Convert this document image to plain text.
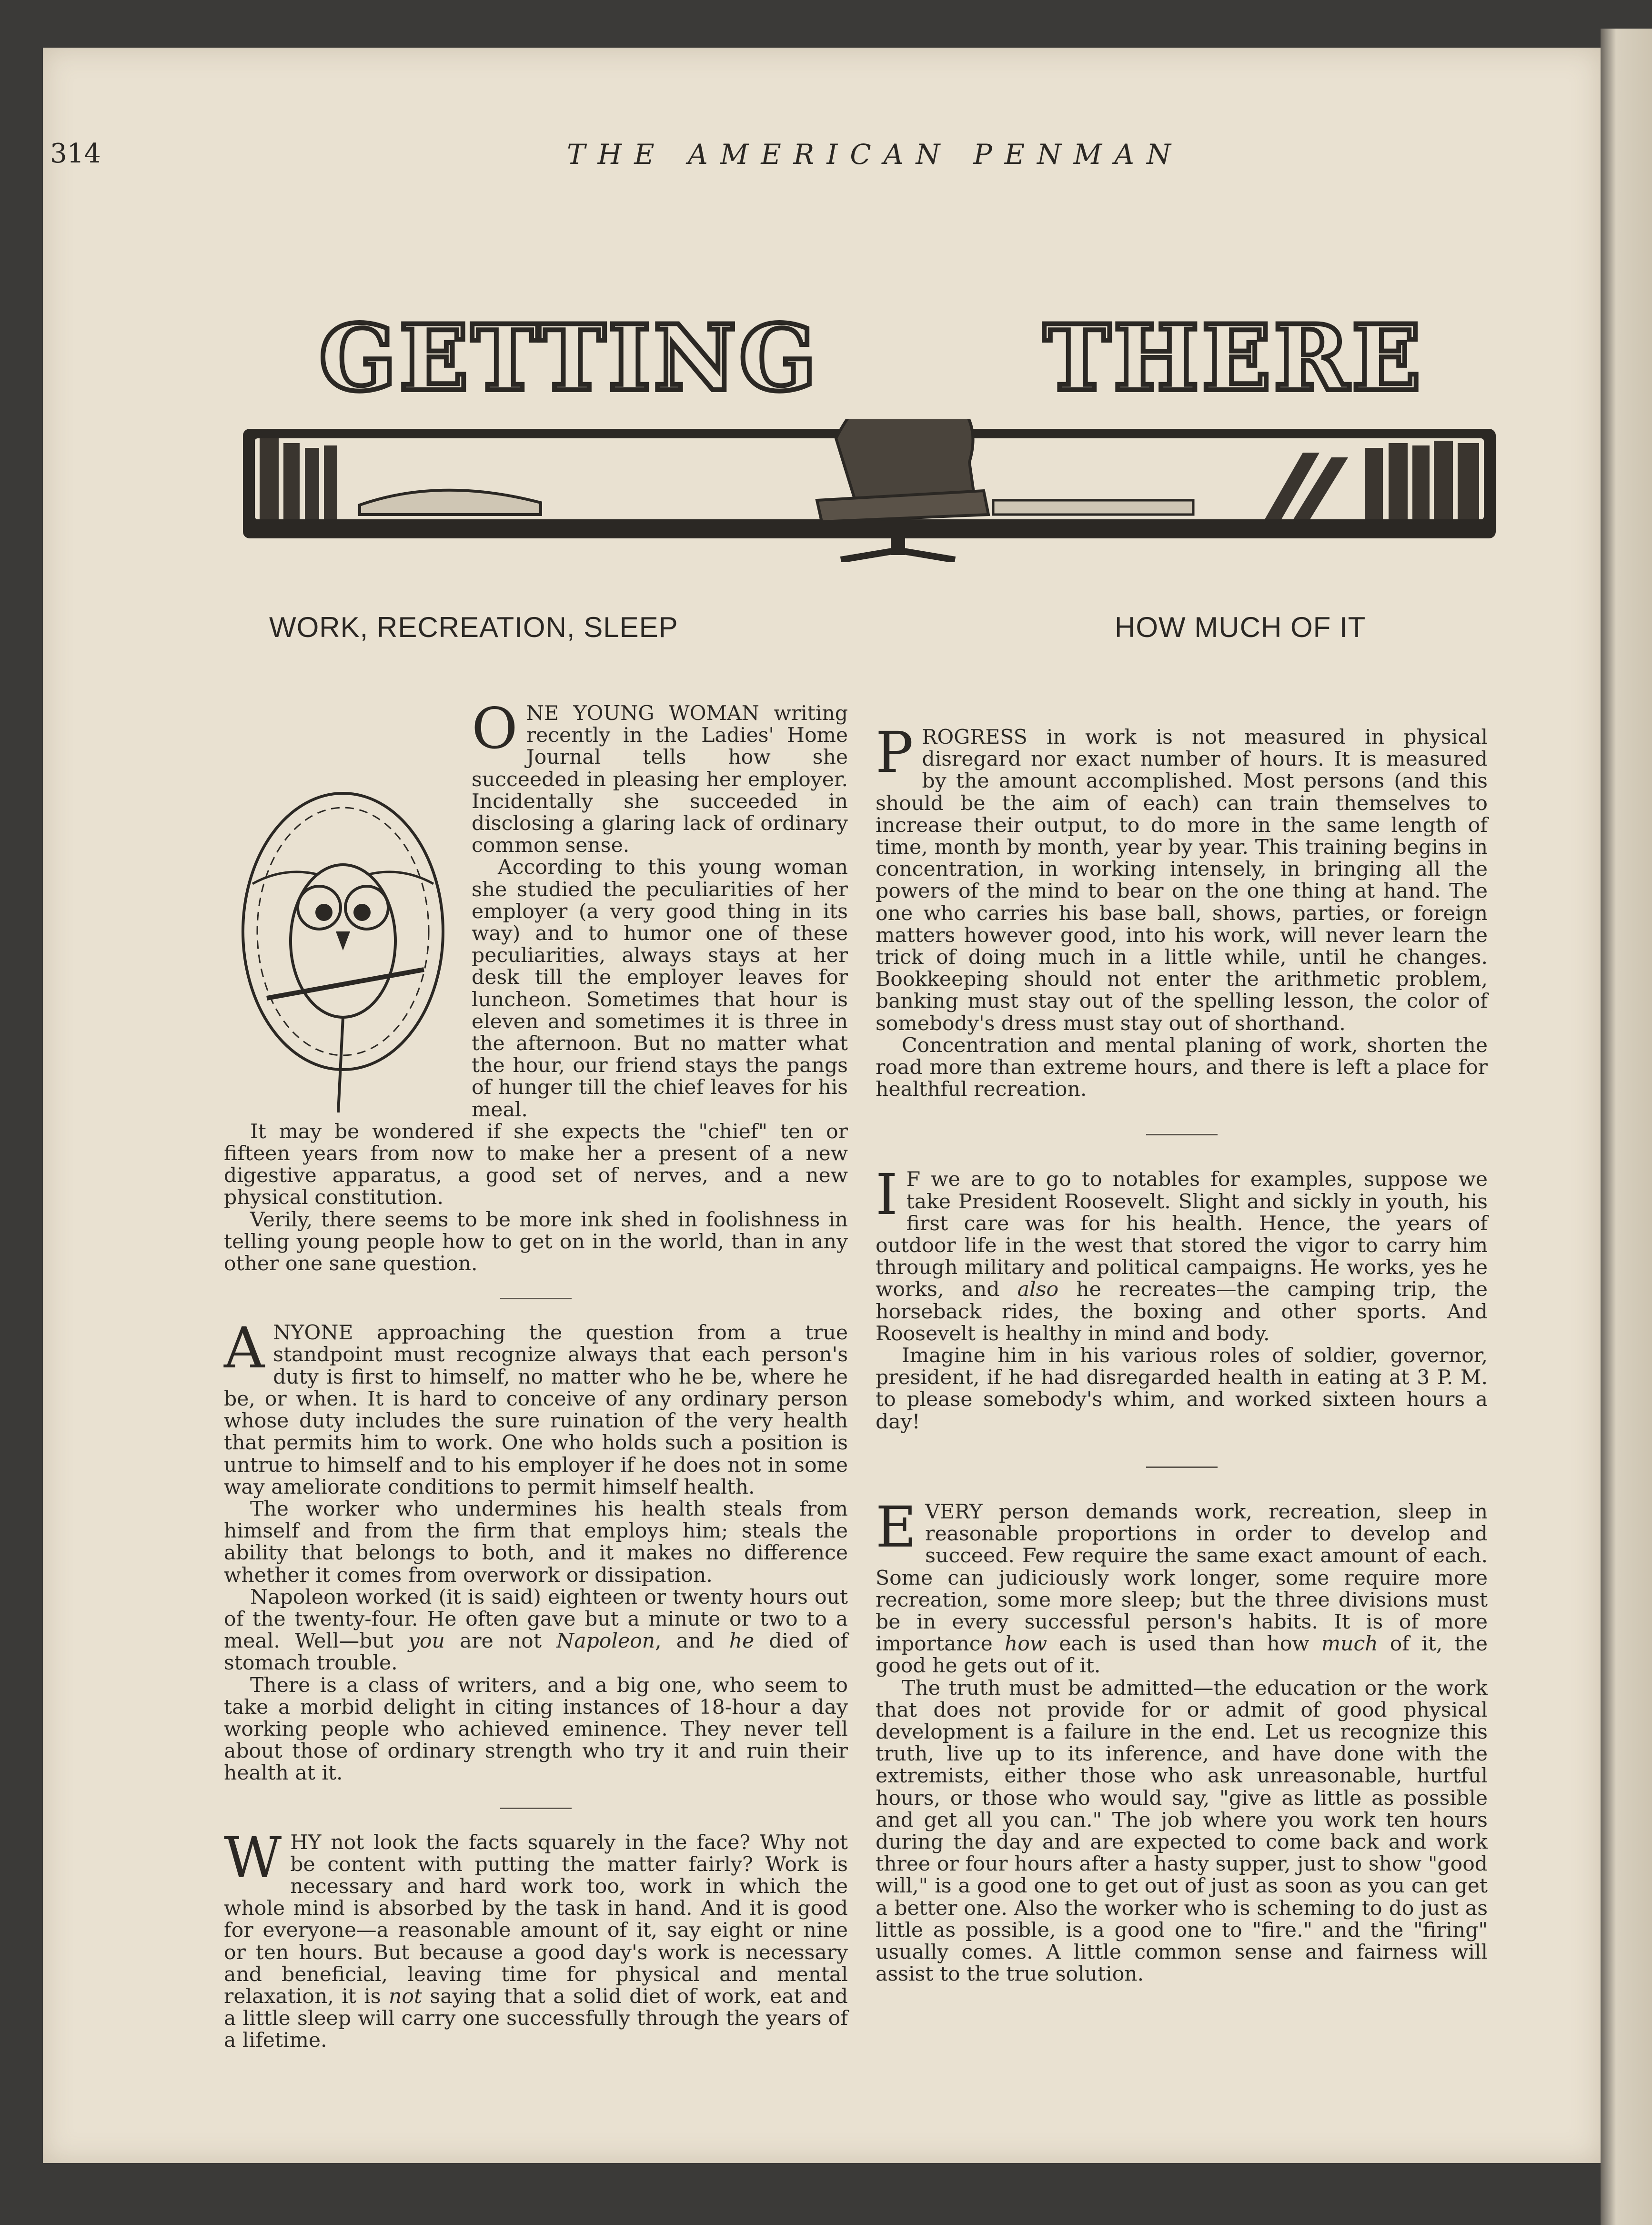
314	THE AMERICAN PENMAN
GETTING THERE
WORK, RECREATION, SLEEP	HOW MUCH OF IT

ONE YOUNG WOMAN writing recently in the Ladies' Home Journal tells how she succeeded in pleasing her employer. Incidentally she succeeded in disclosing a glaring lack of ordinary common sense.

According to this young woman she studied the peculiarities of her employer (a very good thing in its way) and to humor one of these peculiarities, always stays at her desk till the employer leaves for luncheon. Sometimes that hour is eleven and sometimes it is three in the afternoon. But no matter what the hour, our friend stays the pangs of hunger till the chief leaves for his meal.

It may be wondered if she expects the "chief" ten or fifteen years from now to make her a present of a new digestive apparatus, a good set of nerves, and a new physical constitution.

Verily, there seems to be more ink shed in foolishness in telling young people how to get on in the world, than in any other one sane question.

ANYONE approaching the question from a true standpoint must recognize always that each person's duty is first to himself, no matter who he be, where he be, or when. It is hard to conceive of any ordinary person whose duty includes the sure ruination of the very health that permits him to work. One who holds such a position is untrue to himself and to his employer if he does not in some way ameliorate conditions to permit himself health.

The worker who undermines his health steals from himself and from the firm that employs him; steals the ability that belongs to both, and it makes no difference whether it comes from overwork or dissipation.

Napoleon worked (it is said) eighteen or twenty hours out of the twenty-four. He often gave but a minute or two to a meal. Well—but you are not Napoleon, and he died of stomach trouble.

There is a class of writers, and a big one, who seem to take a morbid delight in citing instances of 18-hour a day working people who achieved eminence. They never tell about those of ordinary strength who try it and ruin their health at it.

WHY not look the facts squarely in the face? Why not be content with putting the matter fairly? Work is necessary and hard work too, work in which the whole mind is absorbed by the task in hand. And it is good for everyone—a reasonable amount of it, say eight or nine or ten hours. But because a good day's work is necessary and beneficial, leaving time for physical and mental relaxation, it is not saying that a solid diet of work, eat and a little sleep will carry one successfully through the years of a lifetime.

PROGRESS in work is not measured in physical disregard nor exact number of hours. It is measured by the amount accomplished. Most persons (and this should be the aim of each) can train themselves to increase their output, to do more in the same length of time, month by month, year by year. This training begins in concentration, in working intensely, in bringing all the powers of the mind to bear on the one thing at hand. The one who carries his base ball, shows, parties, or foreign matters however good, into his work, will never learn the trick of doing much in a little while, until he changes. Bookkeeping should not enter the arithmetic problem, banking must stay out of the spelling lesson, the color of somebody's dress must stay out of shorthand.

Concentration and mental planing of work, shorten the road more than extreme hours, and there is left a place for healthful recreation.

I F we are to go to notables for examples, suppose we take President Roosevelt. Slight and sickly in youth, his first care was for his health. Hence, the years of outdoor life in the west that stored the vigor to carry him through military and political campaigns. He works, yes he works, and also he recreates—the camping trip, the horseback rides, the boxing and other sports. And Roosevelt is healthy in mind and body.

Imagine him in his various roles of soldier, governor, president, if he had disregarded health in eating at 3 P. M. to please somebody's whim, and worked sixteen hours a day!

EVERY person demands work, recreation, sleep in reasonable proportions in order to develop and succeed. Few require the same exact amount of each. Some can judiciously work longer, some require more recreation, some more sleep; but the three divisions must be in every successful person's habits. It is of more importance how each is used than how much of it, the good he gets out of it.

The truth must be admitted—the education or the work that does not provide for or admit of good physical development is a failure in the end. Let us recognize this truth, live up to its inference, and have done with the extremists, either those who ask unreasonable, hurtful hours, or those who would say, "give as little as possible and get all you can." The job where you work ten hours during the day and are expected to come back and work three or four hours after a hasty supper, just to show "good will," is a good one to get out of just as soon as you can get a better one. Also the worker who is scheming to do just as little as possible, is a good one to "fire." and the "firing" usually comes. A little common sense and fairness will assist to the true solution.
